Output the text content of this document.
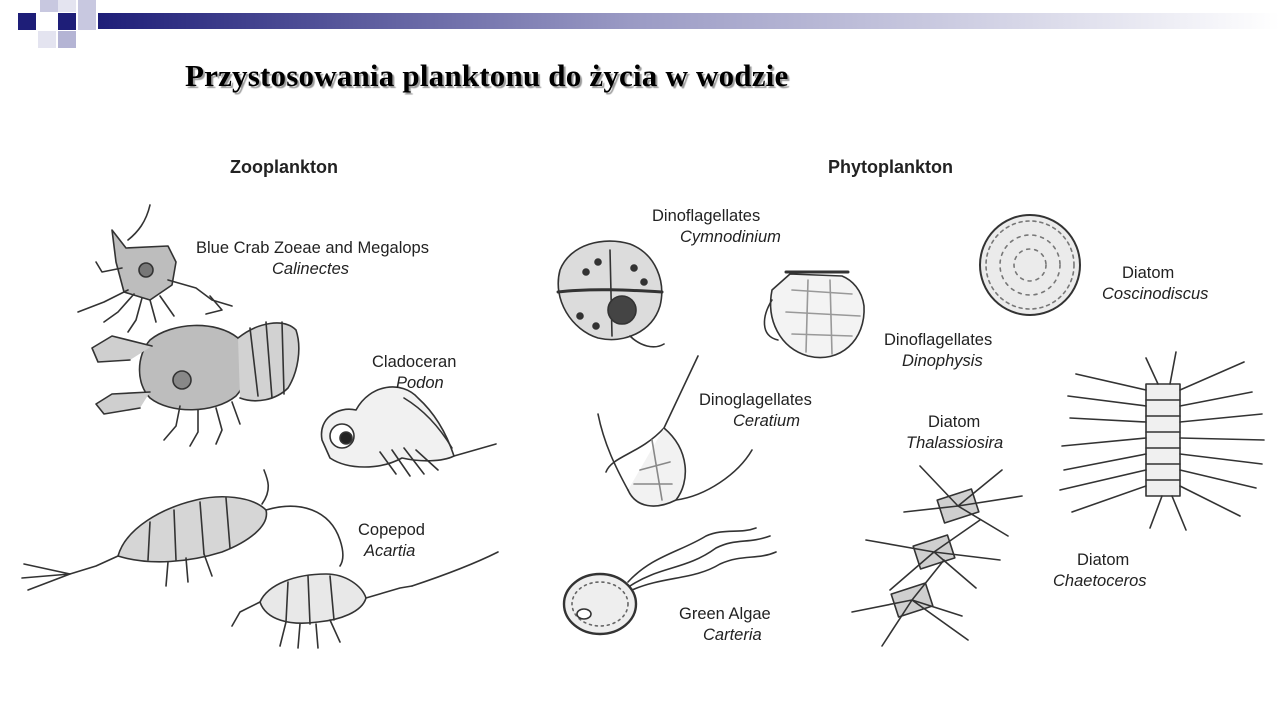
Przystosowania planktonu do życia w wodzie
Zooplankton	Phytoplankton
Blue Crab Zoeae and Megalops
Calinectes
Cladoceran
Podon
Copepod
Acartia
Dinoflagellates
Cymnodinium
Diatom
Coscinodiscus
Dinoflagellates
Dinophysis
Dinoglagellates
Ceratium	Diatom
Thalassiosira
Diatom
Chaetoceros
Green Algae
Carteria
